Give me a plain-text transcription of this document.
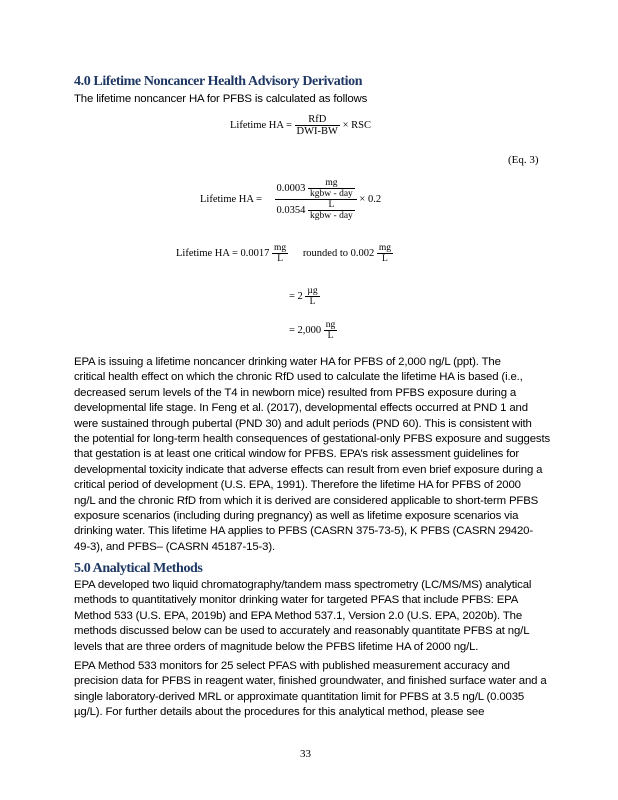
4.0 Lifetime Noncancer Health Advisory Derivation
The lifetime noncancer HA for PFBS is calculated as follows
Lifetime HA = $\frac{\text{RfD}}{\text{DWI-BW}}$ × RSC
(Eq. 3)
Lifetime HA = $\frac{0.0003 \frac{mg}{\text{kgbw - day}}}{0.0354 \frac{L}{\text{kgbw - day}}} \times 0.2$
Lifetime HA = $0.0017 \frac{mg}{L}$ rounded to $0.002 \frac{mg}{L}$
= $2 \frac{\text{µg}}{L}$
= $2,000 \frac{ng}{L}$
EPA is issuing a lifetime noncancer drinking water HA for PFBS of 2,000 ng/L (ppt). The
critical health effect on which the chronic RfD used to calculate the lifetime HA is based (i.e.,
decreased serum levels of the T4 in newborn mice) resulted from PFBS exposure during a
developmental life stage. In Feng et al. (2017), developmental effects occurred at PND 1 and
were sustained through pubertal (PND 30) and adult periods (PND 60). This is consistent with
the potential for long-term health consequences of gestational-only PFBS exposure and suggests
that gestation is at least one critical window for PFBS. EPA’s risk assessment guidelines for
developmental toxicity indicate that adverse effects can result from even brief exposure during a
critical period of development (U.S. EPA, 1991). Therefore the lifetime HA for PFBS of 2000
ng/L and the chronic RfD from which it is derived are considered applicable to short-term PFBS
exposure scenarios (including during pregnancy) as well as lifetime exposure scenarios via
drinking water. This lifetime HA applies to PFBS (CASRN 375-73-5), K PFBS (CASRN 29420-
49-3), and PFBS– (CASRN 45187-15-3).
5.0 Analytical Methods
EPA developed two liquid chromatography/tandem mass spectrometry (LC/MS/MS) analytical
methods to quantitatively monitor drinking water for targeted PFAS that include PFBS: EPA
Method 533 (U.S. EPA, 2019b) and EPA Method 537.1, Version 2.0 (U.S. EPA, 2020b). The
methods discussed below can be used to accurately and reasonably quantitate PFBS at ng/L
levels that are three orders of magnitude below the PFBS lifetime HA of 2000 ng/L.
EPA Method 533 monitors for 25 select PFAS with published measurement accuracy and
precision data for PFBS in reagent water, finished groundwater, and finished surface water and a
single laboratory-derived MRL or approximate quantitation limit for PFBS at 3.5 ng/L (0.0035
µg/L). For further details about the procedures for this analytical method, please see
33
